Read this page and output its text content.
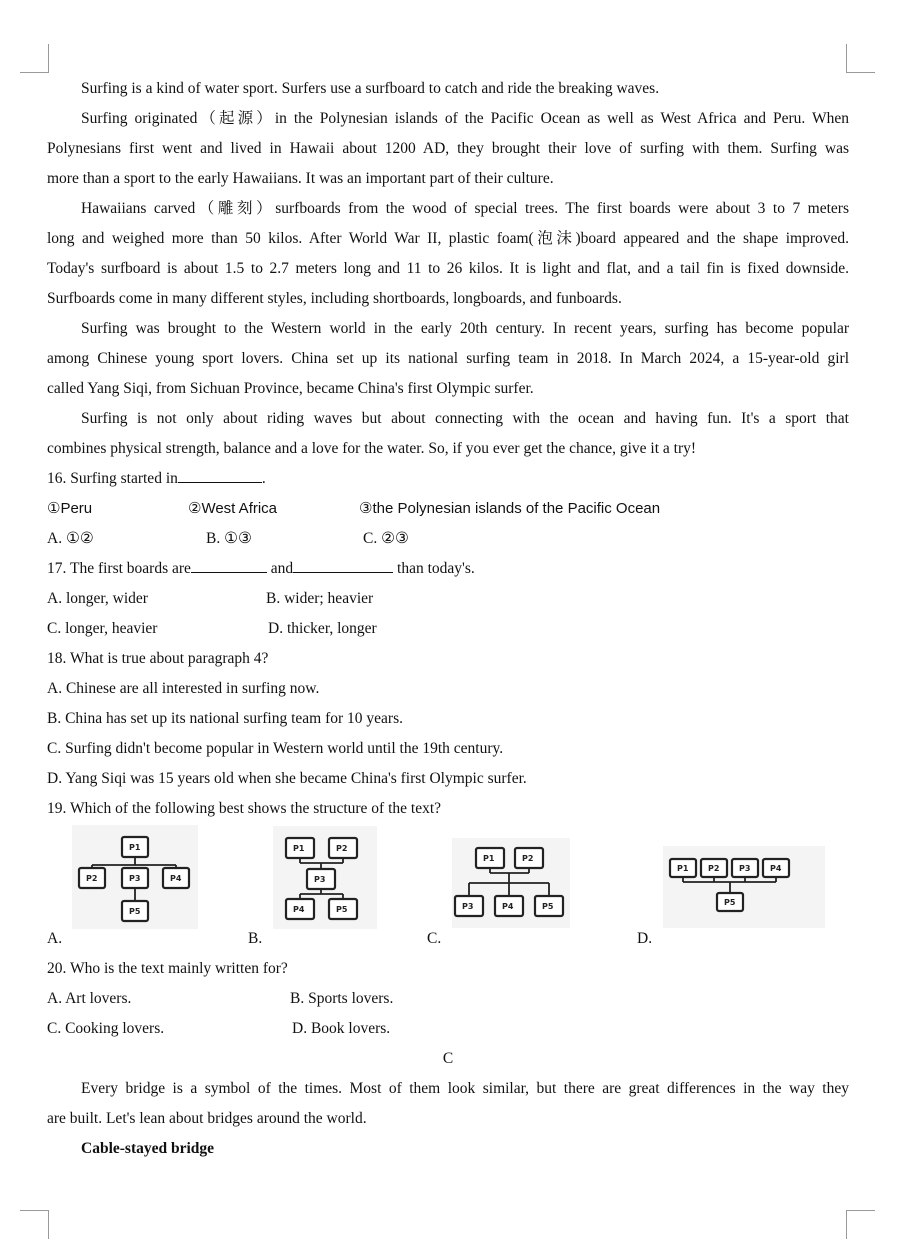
Surfing is a kind of water sport. Surfers use a surfboard to catch and ride the breaking waves.
Surfing originated（起源）in the Polynesian islands of the Pacific Ocean as well as West Africa and Peru. When
Polynesians first went and lived in Hawaii about 1200 AD, they brought their love of surfing with them. Surfing was
more than a sport to the early Hawaiians. It was an important part of their culture.
Hawaiians carved（雕刻）surfboards from the wood of special trees. The first boards were about 3 to 7 meters
long and weighed more than 50 kilos. After World War II, plastic foam(泡沫)board appeared and the shape improved.
Today's surfboard is about 1.5 to 2.7 meters long and 11 to 26 kilos. It is light and flat, and a tail fin is fixed downside.
Surfboards come in many different styles, including shortboards, longboards, and funboards.
Surfing was brought to the Western world in the early 20th century. In recent years, surfing has become popular
among Chinese young sport lovers. China set up its national surfing team in 2018. In March 2024, a 15-year-old girl
called Yang Siqi, from Sichuan Province, became China's first Olympic surfer.
Surfing is not only about riding waves but about connecting with the ocean and having fun. It's a sport that
combines physical strength, balance and a love for the water. So, if you ever get the chance, give it a try!
16. Surfing started in	.
①Peru	②West Africa	③the Polynesian islands of the Pacific Ocean
A. ①②	B. ①③	C. ②③
17. The first boards are	and	than today's.
A. longer, wider	B. wider; heavier
C. longer, heavier	D. thicker, longer
18. What is true about paragraph 4?
A. Chinese are all interested in surfing now.
B. China has set up its national surfing team for 10 years.
C. Surfing didn't become popular in Western world until the 19th century.
D. Yang Siqi was 15 years old when she became China's first Olympic surfer.
19. Which of the following best shows the structure of the text?
A.
P1
P2	P3	P4
P5
B.
P1	P2
P3
P4	P5
C.
P1	P2
P3	P4	P5
D.
P1 P2 P3 P4
P5
20. Who is the text mainly written for?
A. Art lovers.	B. Sports lovers.
C. Cooking lovers.	D. Book lovers.
C
Every bridge is a symbol of the times. Most of them look similar, but there are great differences in the way they
are built. Let's lean about bridges around the world.
Cable-stayed bridge
